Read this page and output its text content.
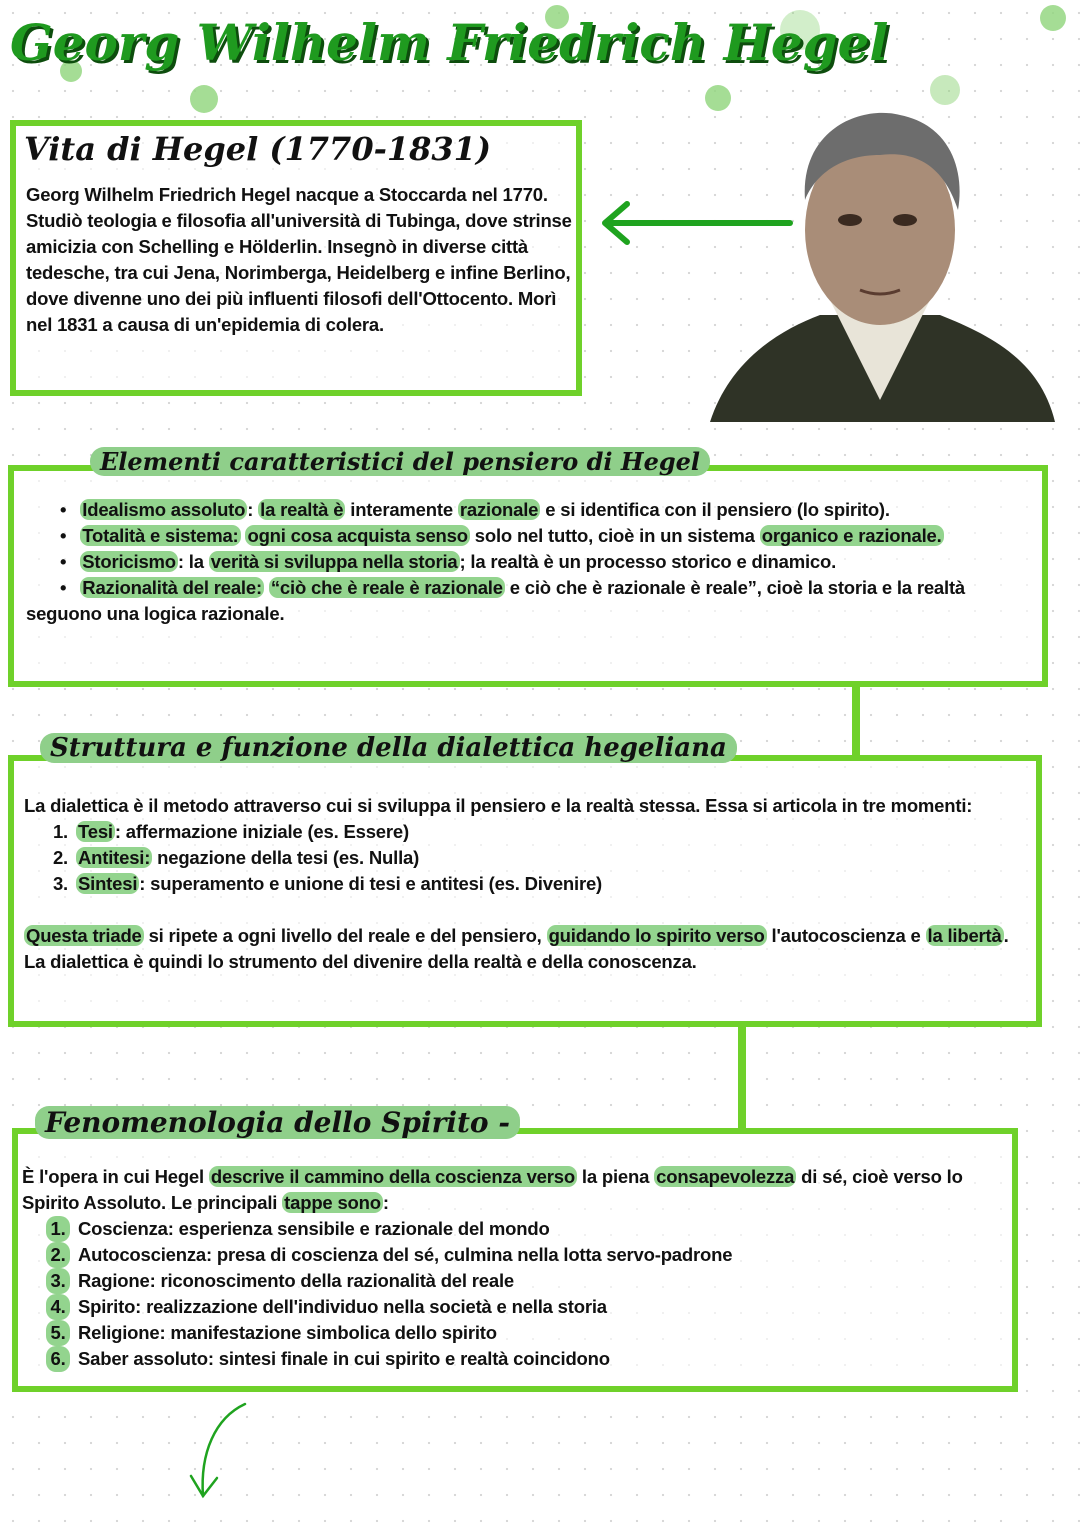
Georg Wilhelm Friedrich Hegel
Vita di Hegel (1770-1831)
Georg Wilhelm Friedrich Hegel nacque a Stoccarda nel 1770. Studiò teologia e filosofia all'università di Tubinga, dove strinse amicizia con Schelling e Hölderlin. Insegnò in diverse città tedesche, tra cui Jena, Norimberga, Heidelberg e infine Berlino, dove divenne uno dei più influenti filosofi dell'Ottocento. Morì nel 1831 a causa di un'epidemia di colera.
• Idealismo assoluto : la realtà è interamente razionale e si identifica con il pensiero (lo spirito).
• Totalità e sistema: ogni cosa acquista senso solo nel tutto, cioè in un sistema organico e razionale.
• Storicismo : la verità si sviluppa nella storia ; la realtà è un processo storico e dinamico.
• Razionalità del reale: “ciò che è reale è razionale e ciò che è razionale è reale”, cioè la storia e la realtà seguono una logica razionale.
Elementi caratteristici del pensiero di Hegel
La dialettica è il metodo attraverso cui si sviluppa il pensiero e la realtà stessa. Essa si articola in tre momenti:
1. Tesi : affermazione iniziale (es. Essere)
2. Antitesi: negazione della tesi (es. Nulla)
3. Sintesi : superamento e unione di tesi e antitesi (es. Divenire)
Questa triade si ripete a ogni livello del reale e del pensiero, guidando lo spirito verso l'autocoscienza e la libertà . La dialettica è quindi lo strumento del divenire della realtà e della conoscenza.
Struttura e funzione della dialettica hegeliana
È l'opera in cui Hegel descrive il cammino della coscienza verso la piena consapevolezza di sé, cioè verso lo Spirito Assoluto. Le principali tappe sono :
1. Coscienza: esperienza sensibile e razionale del mondo
2. Autocoscienza: presa di coscienza del sé, culmina nella lotta servo-padrone
3. Ragione: riconoscimento della razionalità del reale
4. Spirito: realizzazione dell'individuo nella società e nella storia
5. Religione: manifestazione simbolica dello spirito
6. Saber assoluto: sintesi finale in cui spirito e realtà coincidono
Fenomenologia dello Spirito -
